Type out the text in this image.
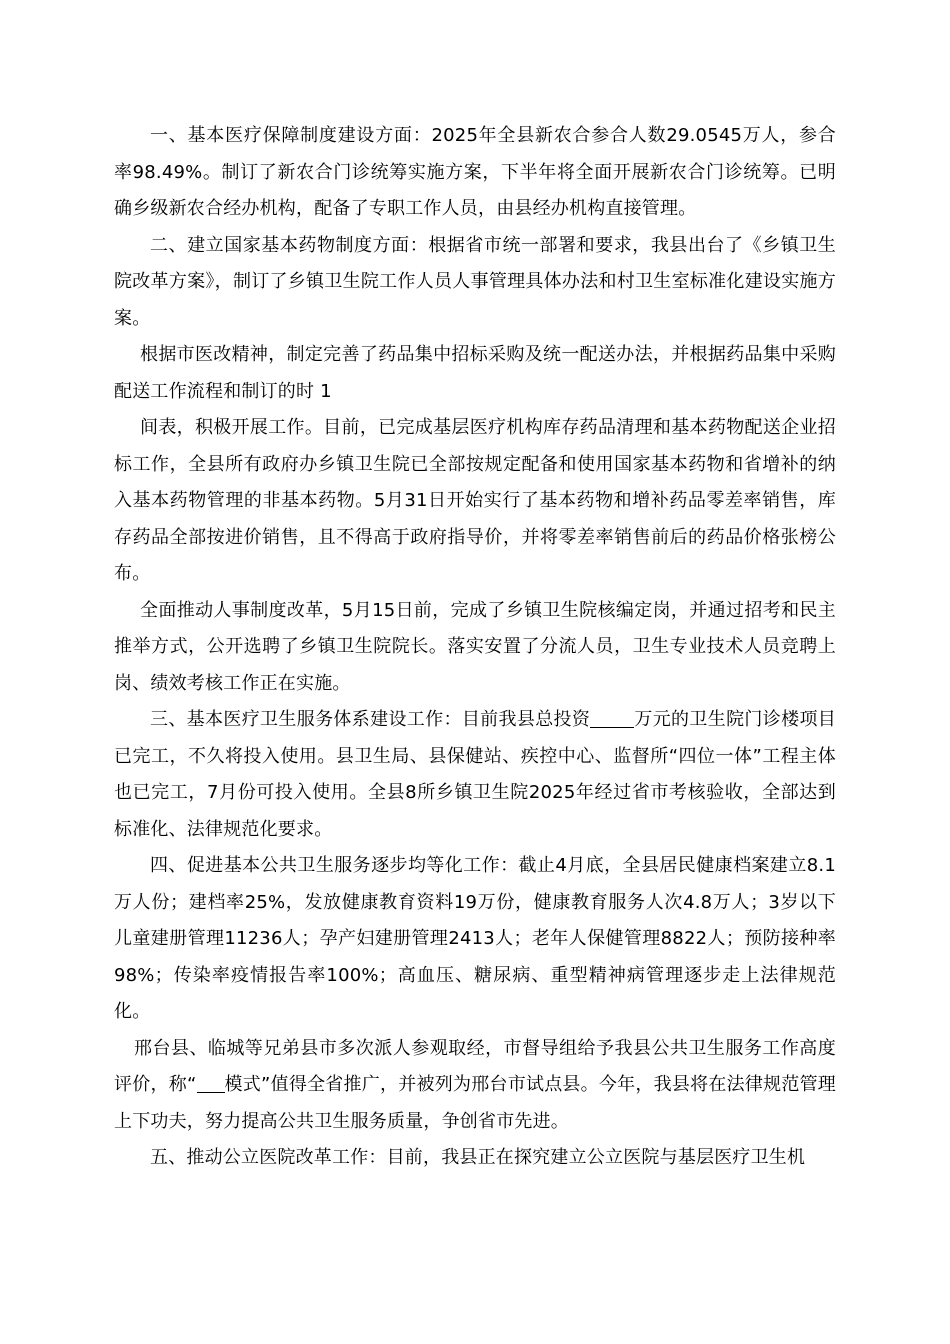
一、基本医疗保障制度建设方面：2025年全县新农合参合人数29.0545万人，参合率98.49%。制订了新农合门诊统筹实施方案，下半年将全面开展新农合门诊统筹。已明确乡级新农合经办机构，配备了专职工作人员，由县经办机构直接管理。

二、建立国家基本药物制度方面：根据省市统一部署和要求，我县出台了《乡镇卫生院改革方案》，制订了乡镇卫生院工作人员人事管理具体办法和村卫生室标准化建设实施方案。

根据市医改精神，制定完善了药品集中招标采购及统一配送办法，并根据药品集中采购配送工作流程和制订的时 1

间表，积极开展工作。目前，已完成基层医疗机构库存药品清理和基本药物配送企业招标工作，全县所有政府办乡镇卫生院已全部按规定配备和使用国家基本药物和省增补的纳入基本药物管理的非基本药物。5月31日开始实行了基本药物和增补药品零差率销售，库存药品全部按进价销售，且不得高于政府指导价，并将零差率销售前后的药品价格张榜公布。

全面推动人事制度改革，5月15日前，完成了乡镇卫生院核编定岗，并通过招考和民主推举方式，公开选聘了乡镇卫生院院长。落实安置了分流人员，卫生专业技术人员竞聘上岗、绩效考核工作正在实施。

三、基本医疗卫生服务体系建设工作：目前我县总投资 万元的卫生院门诊楼项目已完工，不久将投入使用。县卫生局、县保健站、疾控中心、监督所“四位一体”工程主体也已完工，7月份可投入使用。全县8所乡镇卫生院2025年经过省市考核验收，全部达到标准化、法律规范化要求。

四、促进基本公共卫生服务逐步均等化工作：截止4月底，全县居民健康档案建立8.1万人份；建档率25%，发放健康教育资料19万份，健康教育服务人次4.8万人；3岁以下儿童建册管理11236人；孕产妇建册管理2413人；老年人保健管理8822人；预防接种率98%；传染率疫情报告率100%；高血压、糖尿病、重型精神病管理逐步走上法律规范化。

邢台县、临城等兄弟县市多次派人参观取经，市督导组给予我县公共卫生服务工作高度评价，称“ 模式”值得全省推广，并被列为邢台市试点县。今年，我县将在法律规范管理上下功夫，努力提高公共卫生服务质量，争创省市先进。

五、推动公立医院改革工作：目前，我县正在探究建立公立医院与基层医疗卫生机
